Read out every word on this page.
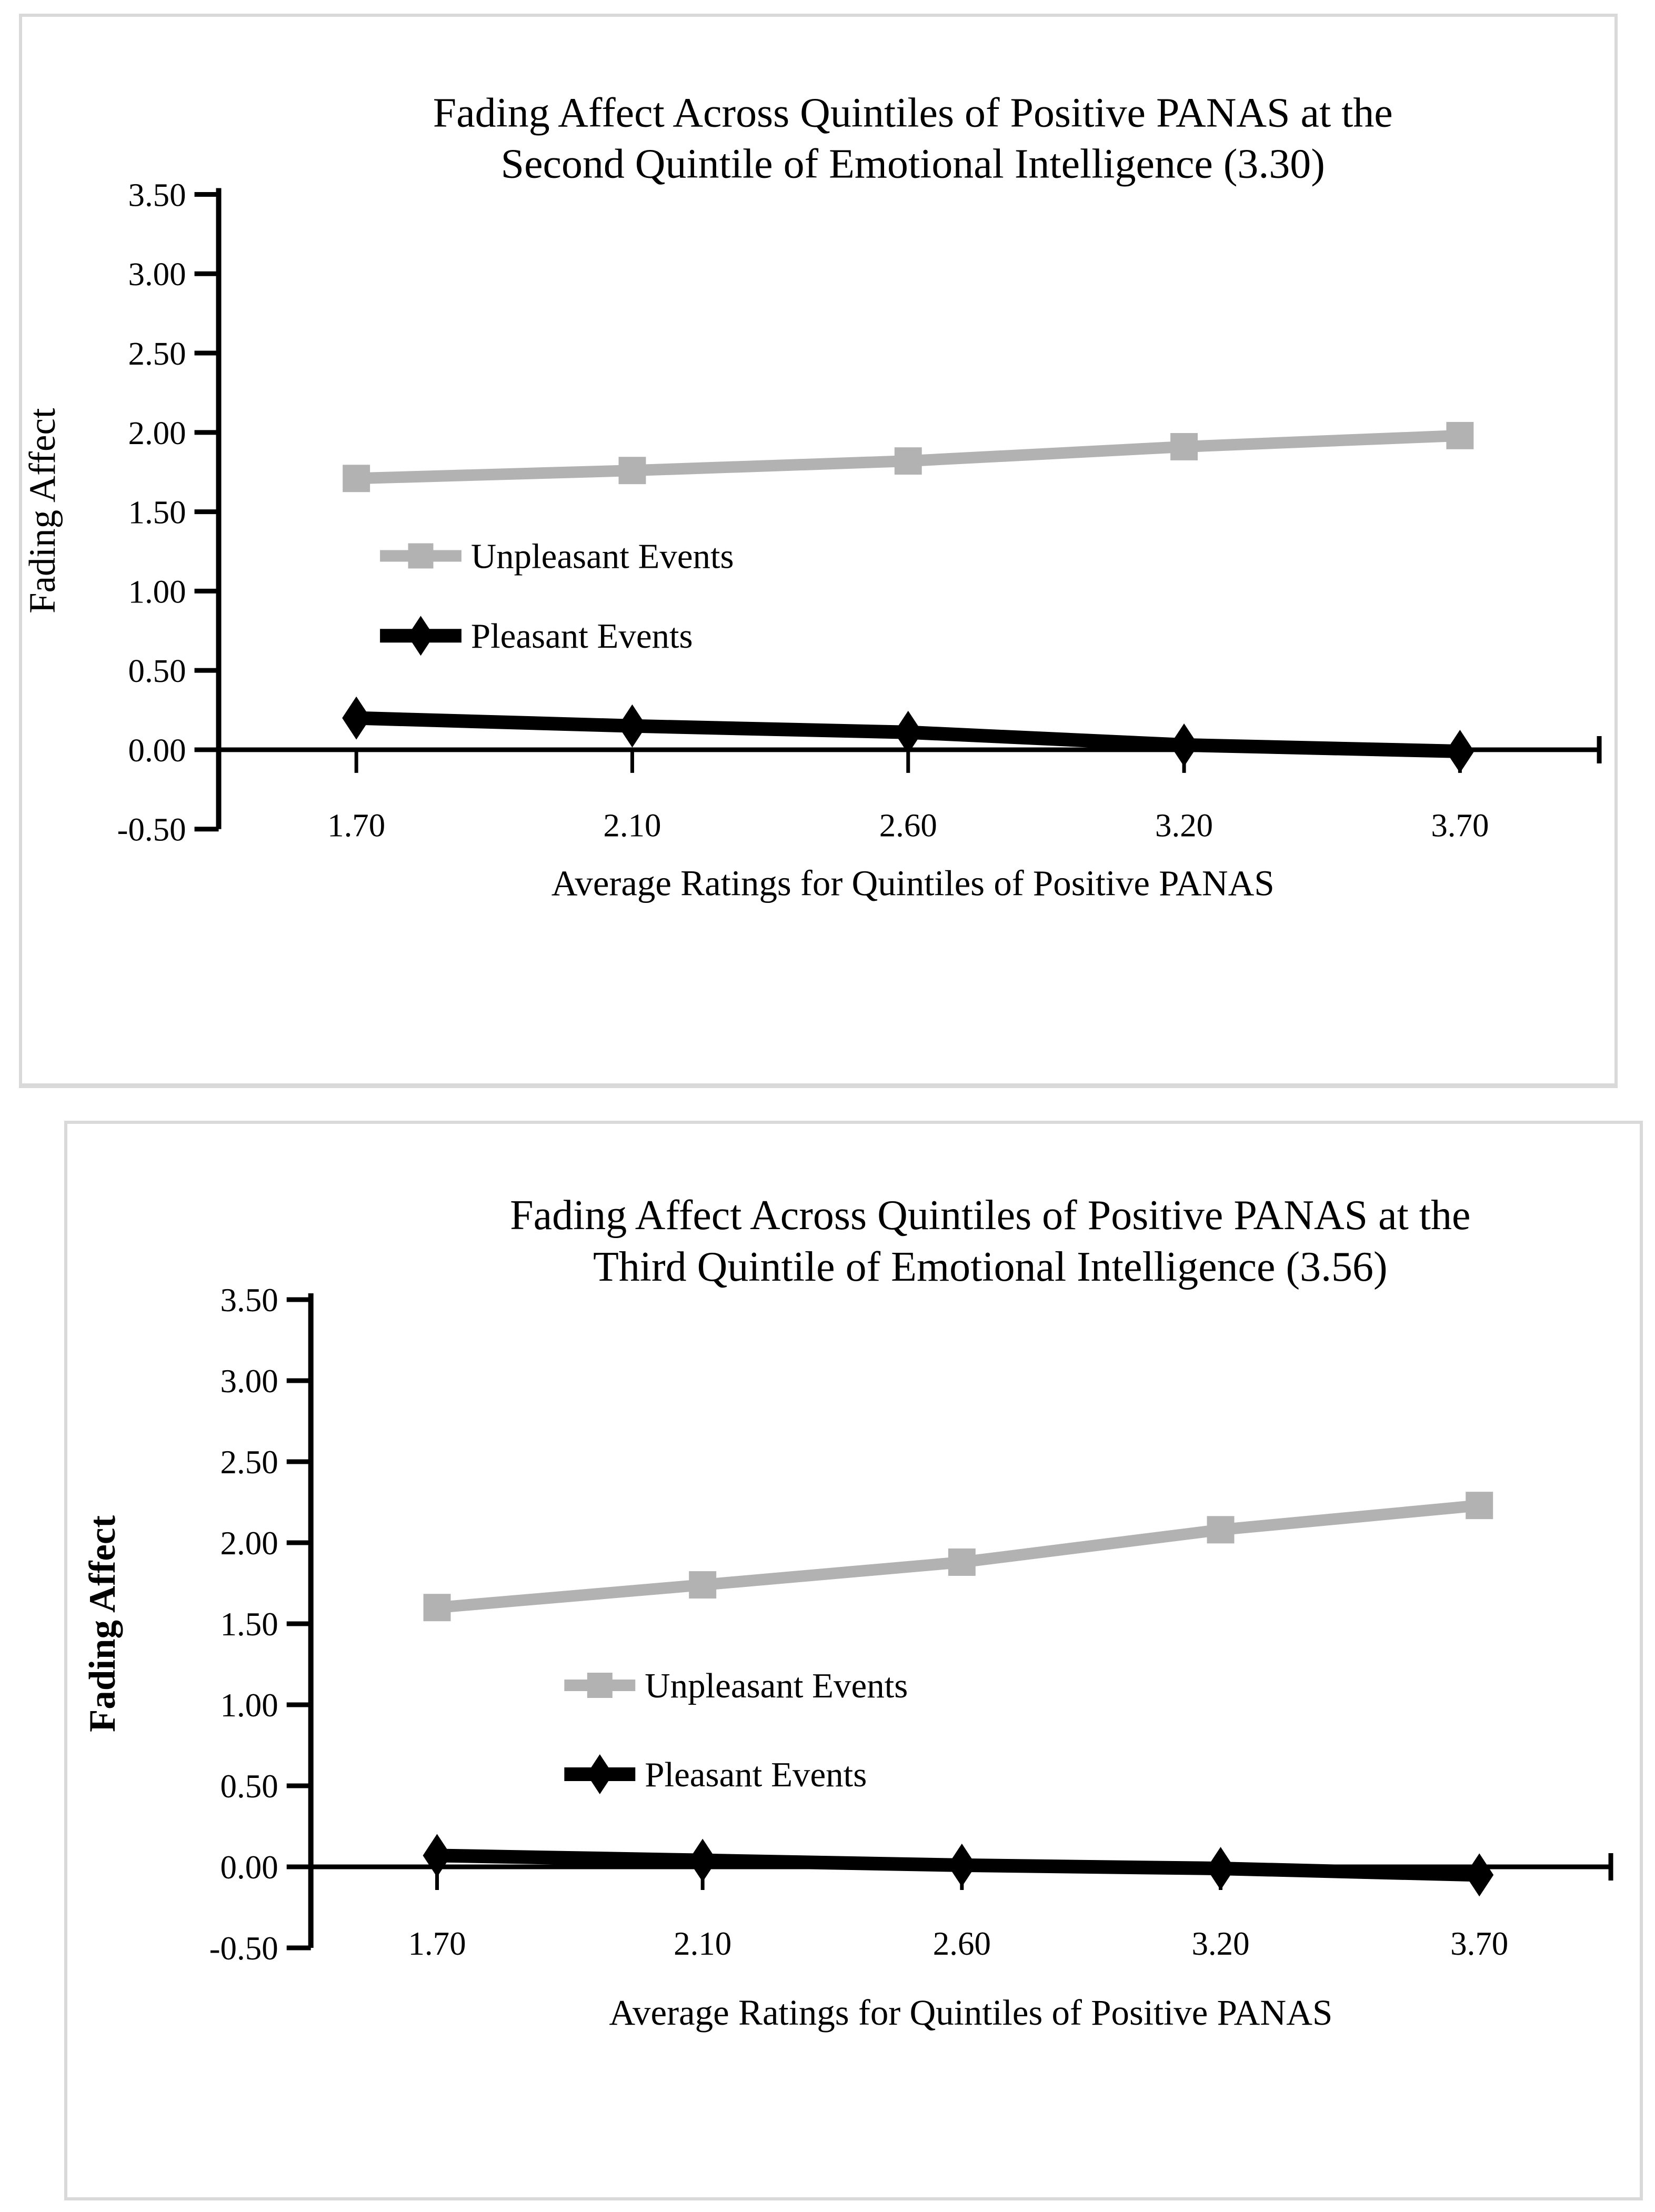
Fading Affect Across Quintiles of Positive PANAS at the
Second Quintile of Emotional Intelligence (3.30)
3.50
3.00
2.50
2.00
1.50
1.00
0.50
0.00
-0.50	1.70	2.10	2.60	3.20	3.70
Average Ratings for Quintiles of Positive PANAS
Fading Affect	Unpleasant Events
Pleasant Events
Fading Affect Across Quintiles of Positive PANAS at the
Third Quintile of Emotional Intelligence (3.56)
3.50
3.00
2.50
2.00
1.50
1.00
0.50
0.00
-0.50	1.70	2.10	2.60	3.20	3.70
Average Ratings for Quintiles of Positive PANAS
Fading Affect	Unpleasant Events
Pleasant Events
